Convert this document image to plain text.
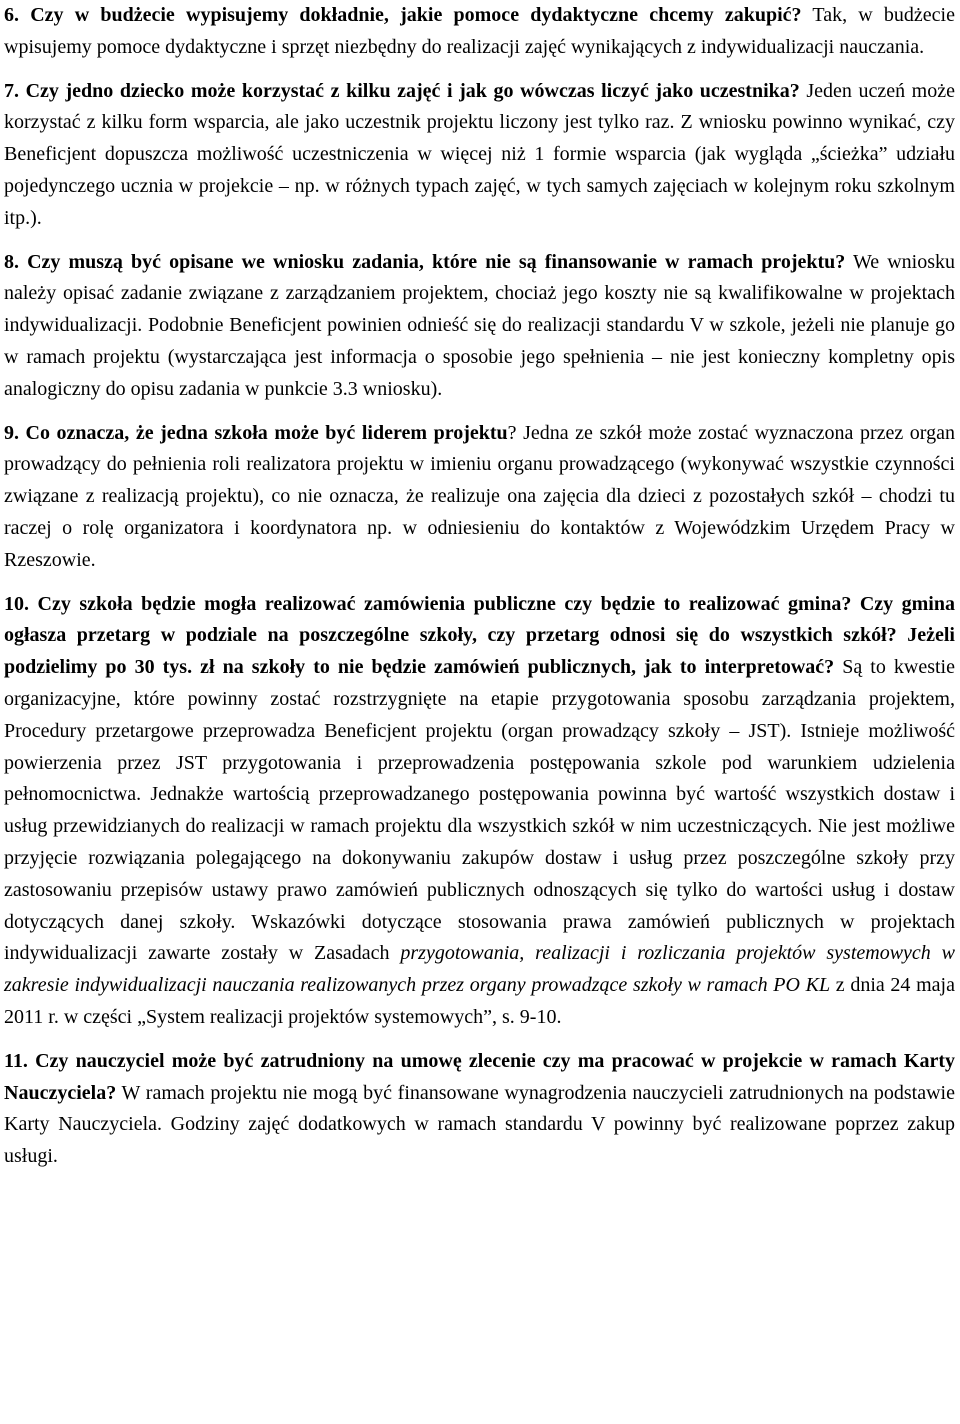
6. Czy w budżecie wypisujemy dokładnie, jakie pomoce dydaktyczne chcemy zakupić? Tak, w budżecie wpisujemy pomoce dydaktyczne i sprzęt niezbędny do realizacji zajęć wynikających z indywidualizacji nauczania.

7. Czy jedno dziecko może korzystać z kilku zajęć i jak go wówczas liczyć jako uczestnika? Jeden uczeń może korzystać z kilku form wsparcia, ale jako uczestnik projektu liczony jest tylko raz. Z wniosku powinno wynikać, czy Beneficjent dopuszcza możliwość uczestniczenia w więcej niż 1 formie wsparcia (jak wygląda „ścieżka” udziału pojedynczego ucznia w projekcie – np. w różnych typach zajęć, w tych samych zajęciach w kolejnym roku szkolnym itp.).

8. Czy muszą być opisane we wniosku zadania, które nie są finansowanie w ramach projektu? We wniosku należy opisać zadanie związane z zarządzaniem projektem, chociaż jego koszty nie są kwalifikowalne w projektach indywidualizacji. Podobnie Beneficjent powinien odnieść się do realizacji standardu V w szkole, jeżeli nie planuje go w ramach projektu (wystarczająca jest informacja o sposobie jego spełnienia – nie jest konieczny kompletny opis analogiczny do opisu zadania w punkcie 3.3 wniosku).

9. Co oznacza, że jedna szkoła może być liderem projektu? Jedna ze szkół może zostać wyznaczona przez organ prowadzący do pełnienia roli realizatora projektu w imieniu organu prowadzącego (wykonywać wszystkie czynności związane z realizacją projektu), co nie oznacza, że realizuje ona zajęcia dla dzieci z pozostałych szkół – chodzi tu raczej o rolę organizatora i koordynatora np. w odniesieniu do kontaktów z Wojewódzkim Urzędem Pracy w Rzeszowie.

10. Czy szkoła będzie mogła realizować zamówienia publiczne czy będzie to realizować gmina? Czy gmina ogłasza przetarg w podziale na poszczególne szkoły, czy przetarg odnosi się do wszystkich szkół? Jeżeli podzielimy po 30 tys. zł na szkoły to nie będzie zamówień publicznych, jak to interpretować? Są to kwestie organizacyjne, które powinny zostać rozstrzygnięte na etapie przygotowania sposobu zarządzania projektem, Procedury przetargowe przeprowadza Beneficjent projektu (organ prowadzący szkoły – JST). Istnieje możliwość powierzenia przez JST przygotowania i przeprowadzenia postępowania szkole pod warunkiem udzielenia pełnomocnictwa. Jednakże wartością przeprowadzanego postępowania powinna być wartość wszystkich dostaw i usług przewidzianych do realizacji w ramach projektu dla wszystkich szkół w nim uczestniczących. Nie jest możliwe przyjęcie rozwiązania polegającego na dokonywaniu zakupów dostaw i usług przez poszczególne szkoły przy zastosowaniu przepisów ustawy prawo zamówień publicznych odnoszących się tylko do wartości usług i dostaw dotyczących danej szkoły. Wskazówki dotyczące stosowania prawa zamówień publicznych w projektach indywidualizacji zawarte zostały w Zasadach przygotowania, realizacji i rozliczania projektów systemowych w zakresie indywidualizacji nauczania realizowanych przez organy prowadzące szkoły w ramach PO KL z dnia 24 maja 2011 r. w części „System realizacji projektów systemowych”, s. 9-10.

11. Czy nauczyciel może być zatrudniony na umowę zlecenie czy ma pracować w projekcie w ramach Karty Nauczyciela? W ramach projektu nie mogą być finansowane wynagrodzenia nauczycieli zatrudnionych na podstawie Karty Nauczyciela. Godziny zajęć dodatkowych w ramach standardu V powinny być realizowane poprzez zakup usługi.
